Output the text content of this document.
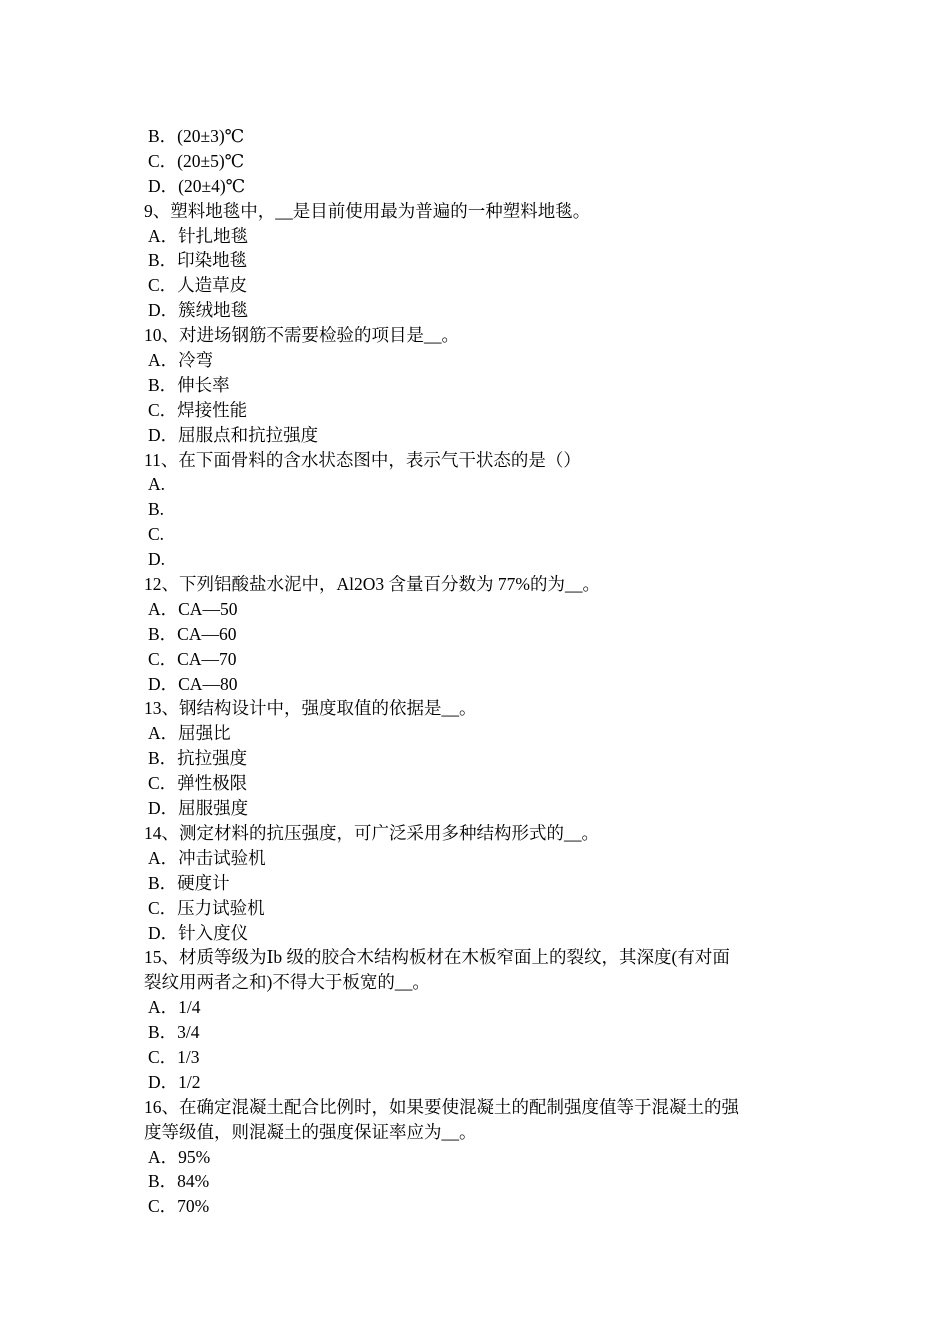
B．(20±3)℃
C．(20±5)℃
D．(20±4)℃
9、塑料地毯中，__是目前使用最为普遍的一种塑料地毯。
A．针扎地毯
B．印染地毯
C．人造草皮
D．簇绒地毯
10、对进场钢筋不需要检验的项目是__。
A．冷弯
B．伸长率
C．焊接性能
D．屈服点和抗拉强度
11、在下面骨料的含水状态图中，表示气干状态的是（）
A.
B.
C.
D.
12、下列铝酸盐水泥中，Al2O3 含量百分数为 77%的为__。
A．CA—50
B．CA—60
C．CA—70
D．CA—80
13、钢结构设计中，强度取值的依据是__。
A．屈强比
B．抗拉强度
C．弹性极限
D．屈服强度
14、测定材料的抗压强度，可广泛采用多种结构形式的__。
A．冲击试验机
B．硬度计
C．压力试验机
D．针入度仪
15、材质等级为Ⅰb 级的胶合木结构板材在木板窄面上的裂纹，其深度(有对面
裂纹用两者之和)不得大于板宽的__。
A．1/4
B．3/4
C．1/3
D．1/2
16、在确定混凝土配合比例时，如果要使混凝土的配制强度值等于混凝土的强
度等级值，则混凝土的强度保证率应为__。
A．95%
B．84%
C．70%
